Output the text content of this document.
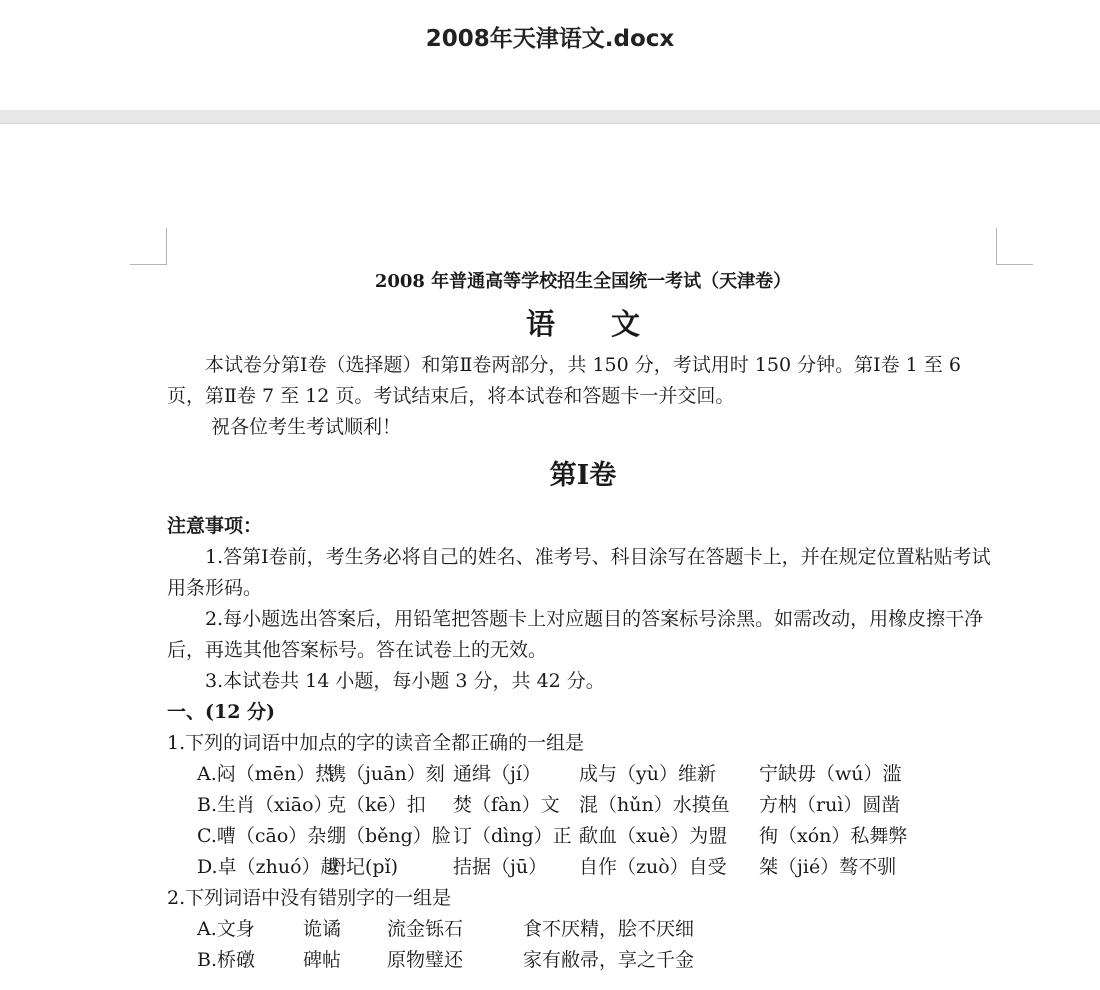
2008年天津语文.docx
2008 年普通高等学校招生全国统一考试（天津卷）
语 文
本试卷分第Ⅰ卷（选择题）和第Ⅱ卷两部分，共 150 分，考试用时 150 分钟。第Ⅰ卷 1 至 6 页，第Ⅱ卷 7 至 12 页。考试结束后，将本试卷和答题卡一并交回。
祝各位考生考试顺利！
第Ⅰ卷
注意事项：
1.答第Ⅰ卷前，考生务必将自己的姓名、准考号、科目涂写在答题卡上，并在规定位置粘贴考试用条形码。
2.每小题选出答案后，用铅笔把答题卡上对应题目的答案标号涂黑。如需改动，用橡皮擦干净后，再选其他答案标号。答在试卷上的无效。
3.本试卷共 14 小题，每小题 3 分，共 42 分。
一、(12 分)
1.下列的词语中加点的字的读音全都正确的一组是
A.闷（mēn）热镌（juān）刻 通缉（jí） 成与（yù）维新 宁缺毋（wú）滥
B.生肖（xiāo）克（kē）扣 焚（fàn）文 混（hǔn）水摸鱼 方枘（ruì）圆凿
C.嘈（cāo）杂绷（běng）脸 订（dìng）正 歃血（xuè）为盟 徇（xón）私舞弊
D.卓（zhuó）越坍圮(pǐ)	拮据（jū） 自作（zuò）自受 桀（jié）骜不驯
2.下列词语中没有错别字的一组是
A.文身	诡谲 流金铄石	食不厌精，脍不厌细
B.桥礅	碑帖 原物璧还	家有敝帚，享之千金
